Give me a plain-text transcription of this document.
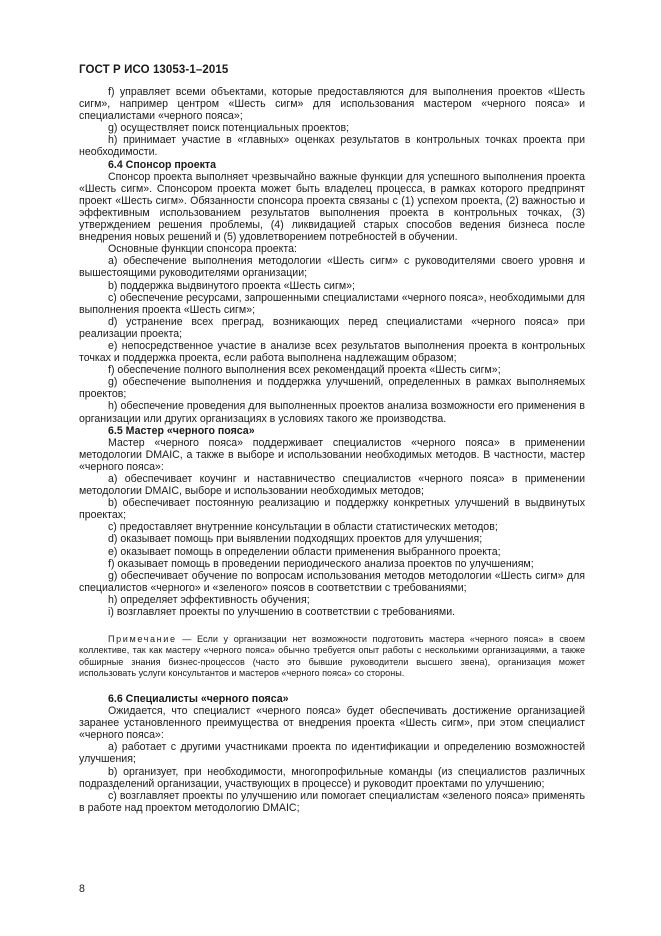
ГОСТ Р ИСО 13053-1–2015

f) управляет всеми объектами, которые предоставляются для выполнения проектов «Шесть сигм», например центром «Шесть сигм» для использования мастером «черного пояса» и специалистами «черного пояса»;

g) осуществляет поиск потенциальных проектов;

h) принимает участие в «главных» оценках результатов в контрольных точках проекта при необходимости.

6.4 Спонсор проекта

Спонсор проекта выполняет чрезвычайно важные функции для успешного выполнения проекта «Шесть сигм». Спонсором проекта может быть владелец процесса, в рамках которого предпринят проект «Шесть сигм». Обязанности спонсора проекта связаны с (1) успехом проекта, (2) важностью и эффективным использованием результатов выполнения проекта в контрольных точках, (3) утверждением решения проблемы, (4) ликвидацией старых способов ведения бизнеса после внедрения новых решений и (5) удовлетворением потребностей в обучении.

Основные функции спонсора проекта:

a) обеспечение выполнения методологии «Шесть сигм» с руководителями своего уровня и вышестоящими руководителями организации;

b) поддержка выдвинутого проекта «Шесть сигм»;

c) обеспечение ресурсами, запрошенными специалистами «черного пояса», необходимыми для выполнения проекта «Шесть сигм»;

d) устранение всех преград, возникающих перед специалистами «черного пояса» при реализации проекта;

e) непосредственное участие в анализе всех результатов выполнения проекта в контрольных точках и поддержка проекта, если работа выполнена надлежащим образом;

f) обеспечение полного выполнения всех рекомендаций проекта «Шесть сигм»;

g) обеспечение выполнения и поддержка улучшений, определенных в рамках выполняемых проектов;

h) обеспечение проведения для выполненных проектов анализа возможности его применения в организации или других организациях в условиях такого же производства.

6.5 Мастер «черного пояса»

Мастер «черного пояса» поддерживает специалистов «черного пояса» в применении методологии DMAIC, а также в выборе и использовании необходимых методов. В частности, мастер «черного пояса»:

a) обеспечивает коучинг и наставничество специалистов «черного пояса» в применении методологии DMAIC, выборе и использовании необходимых методов;

b) обеспечивает постоянную реализацию и поддержку конкретных улучшений в выдвинутых проектах;

c) предоставляет внутренние консультации в области статистических методов;

d) оказывает помощь при выявлении подходящих проектов для улучшения;

e) оказывает помощь в определении области применения выбранного проекта;

f) оказывает помощь в проведении периодического анализа проектов по улучшениям;

g) обеспечивает обучение по вопросам использования методов методологии «Шесть сигм» для специалистов «черного» и «зеленого» поясов в соответствии с требованиями;

h) определяет эффективность обучения;

i) возглавляет проекты по улучшению в соответствии с требованиями.

Примечание — Если у организации нет возможности подготовить мастера «черного пояса» в своем коллективе, так как мастеру «черного пояса» обычно требуется опыт работы с несколькими организациями, а также обширные знания бизнес-процессов (часто это бывшие руководители высшего звена), организация может использовать услуги консультантов и мастеров «черного пояса» со стороны.

6.6 Специалисты «черного пояса»

Ожидается, что специалист «черного пояса» будет обеспечивать достижение организацией заранее установленного преимущества от внедрения проекта «Шесть сигм», при этом специалист «черного пояса»:

a) работает с другими участниками проекта по идентификации и определению возможностей улучшения;

b) организует, при необходимости, многопрофильные команды (из специалистов различных подразделений организации, участвующих в процессе) и руководит проектами по улучшению;

c) возглавляет проекты по улучшению или помогает специалистам «зеленого пояса» применять в работе над проектом методологию DMAIC;

8
